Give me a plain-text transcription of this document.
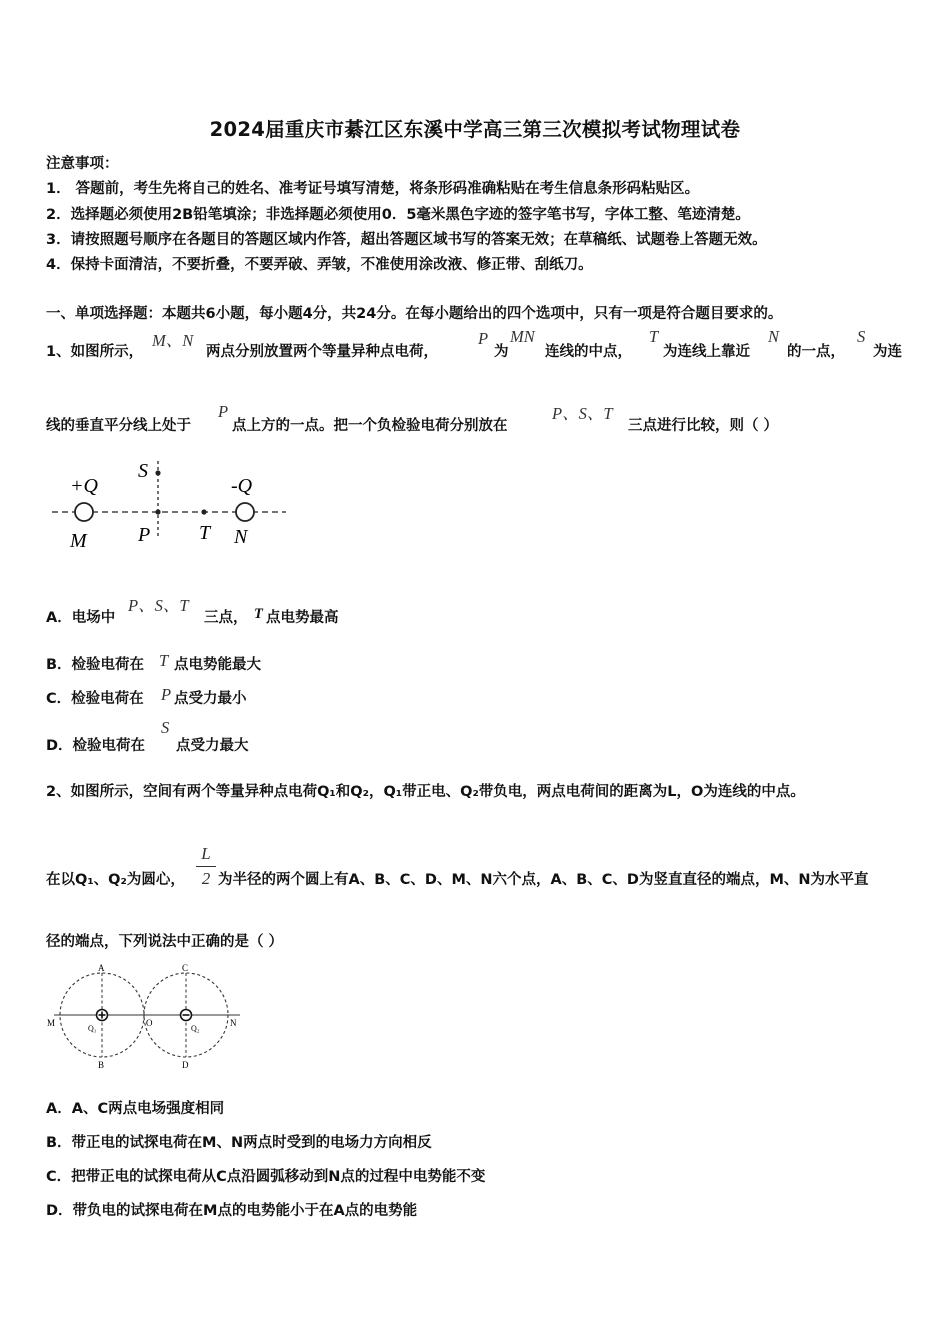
2024届重庆市綦江区东溪中学高三第三次模拟考试物理试卷
注意事项：
1． 答题前，考生先将自己的姓名、准考证号填写清楚，将条形码准确粘贴在考生信息条形码粘贴区。
2．选择题必须使用2B铅笔填涂；非选择题必须使用0．5毫米黑色字迹的签字笔书写，字体工整、笔迹清楚。
3．请按照题号顺序在各题目的答题区域内作答，超出答题区域书写的答案无效；在草稿纸、试题卷上答题无效。
4．保持卡面清洁，不要折叠，不要弄破、弄皱，不准使用涂改液、修正带、刮纸刀。
一、单项选择题：本题共6小题，每小题4分，共24分。在每小题给出的四个选项中，只有一项是符合题目要求的。
1、如图所示，
M、N
两点分别放置两个等量异种点电荷，
P
为
MN
连线的中点，
T
为连线上靠近
N
的一点，
S
为连
线的垂直平分线上处于
P
点上方的一点。把一个负检验电荷分别放在
P、S、T
三点进行比较，则（ ）
+Q	-Q
M	N
P
S
T
A．电场中
P、S、T
三点， T 点电势最高
B．检验电荷在 T 点电势能最大
C．检验电荷在 P 点受力最小
D．检验电荷在
S
点受力最大
2、如图所示，空间有两个等量异种点电荷Q₁和Q₂，Q₁带正电、Q₂带负电，两点电荷间的距离为L，O为连线的中点。
在以Q₁、Q₂为圆心，
L
2 为半径的两个圆上有A、B、C、D、M、N六个点，A、B、C、D为竖直直径的端点，M、N为水平直
径的端点，下列说法中正确的是（ ）
A
B
C
D
M	N
O
Q₁	Q₂
A．A、C两点电场强度相同
B．带正电的试探电荷在M、N两点时受到的电场力方向相反
C．把带正电的试探电荷从C点沿圆弧移动到N点的过程中电势能不变
D．带负电的试探电荷在M点的电势能小于在A点的电势能
